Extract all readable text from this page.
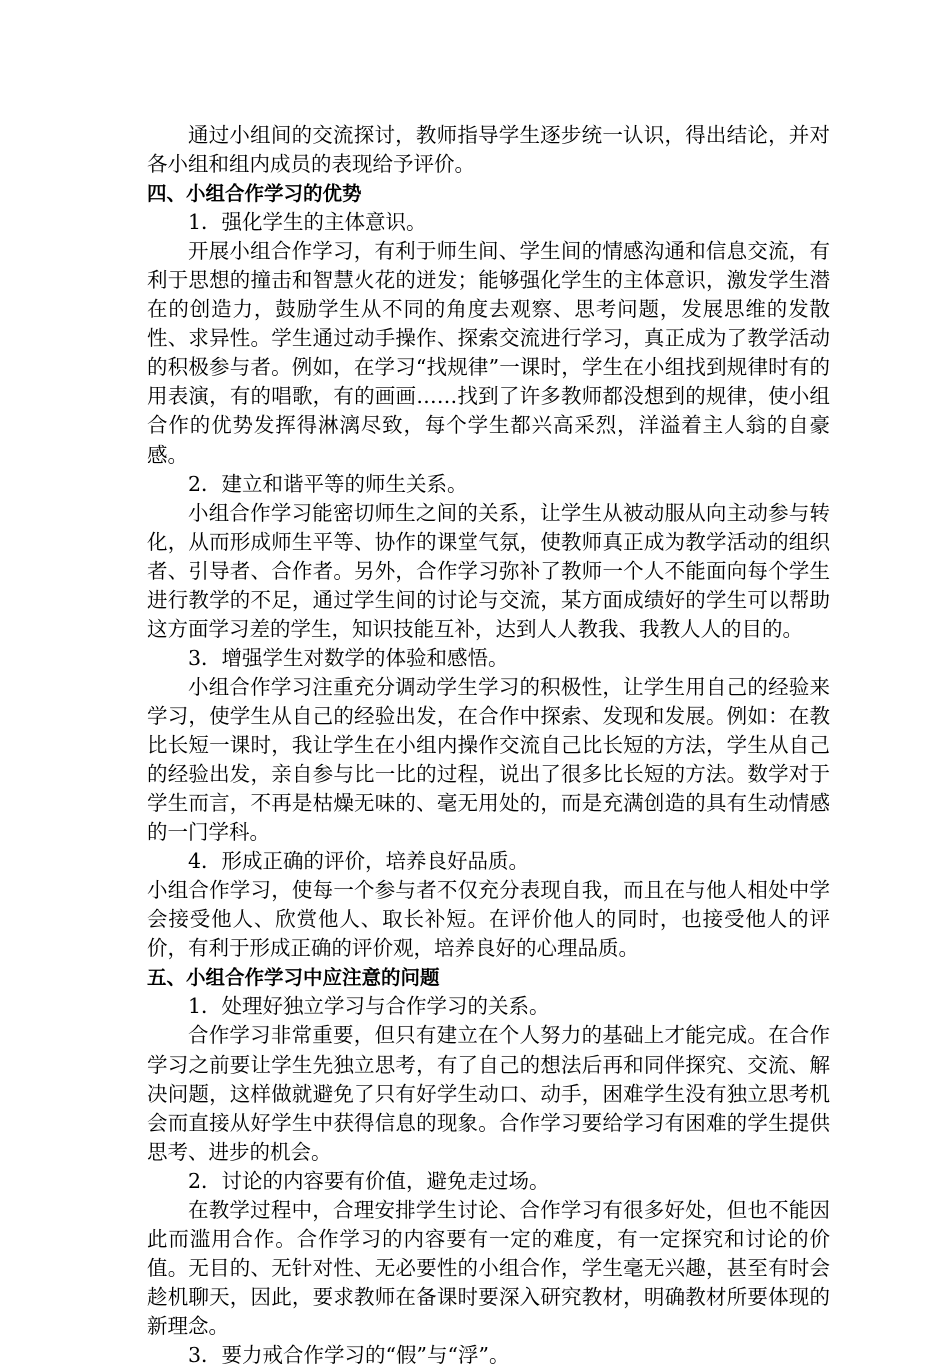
通过小组间的交流探讨，教师指导学生逐步统一认识，得出结论，并对各小组和组内成员的表现给予评价。

四、小组合作学习的优势

1．强化学生的主体意识。

开展小组合作学习，有利于师生间、学生间的情感沟通和信息交流，有利于思想的撞击和智慧火花的迸发；能够强化学生的主体意识，激发学生潜在的创造力，鼓励学生从不同的角度去观察、思考问题，发展思维的发散性、求异性。学生通过动手操作、探索交流进行学习，真正成为了教学活动的积极参与者。例如，在学习“找规律”一课时，学生在小组找到规律时有的用表演，有的唱歌，有的画画……找到了许多教师都没想到的规律，使小组合作的优势发挥得淋漓尽致，每个学生都兴高采烈，洋溢着主人翁的自豪感。

2．建立和谐平等的师生关系。

小组合作学习能密切师生之间的关系，让学生从被动服从向主动参与转化，从而形成师生平等、协作的课堂气氛，使教师真正成为教学活动的组织者、引导者、合作者。另外，合作学习弥补了教师一个人不能面向每个学生进行教学的不足，通过学生间的讨论与交流，某方面成绩好的学生可以帮助这方面学习差的学生，知识技能互补，达到人人教我、我教人人的目的。

3．增强学生对数学的体验和感悟。

小组合作学习注重充分调动学生学习的积极性，让学生用自己的经验来学习，使学生从自己的经验出发，在合作中探索、发现和发展。例如：在教比长短一课时，我让学生在小组内操作交流自己比长短的方法，学生从自己的经验出发，亲自参与比一比的过程，说出了很多比长短的方法。数学对于学生而言，不再是枯燥无味的、毫无用处的，而是充满创造的具有生动情感的一门学科。

4．形成正确的评价，培养良好品质。

小组合作学习，使每一个参与者不仅充分表现自我，而且在与他人相处中学会接受他人、欣赏他人、取长补短。在评价他人的同时，也接受他人的评价，有利于形成正确的评价观，培养良好的心理品质。

五、小组合作学习中应注意的问题

1．处理好独立学习与合作学习的关系。

合作学习非常重要，但只有建立在个人努力的基础上才能完成。在合作学习之前要让学生先独立思考，有了自己的想法后再和同伴探究、交流、解决问题，这样做就避免了只有好学生动口、动手，困难学生没有独立思考机会而直接从好学生中获得信息的现象。合作学习要给学习有困难的学生提供思考、进步的机会。

2．讨论的内容要有价值，避免走过场。

在教学过程中，合理安排学生讨论、合作学习有很多好处，但也不能因此而滥用合作。合作学习的内容要有一定的难度，有一定探究和讨论的价值。无目的、无针对性、无必要性的小组合作，学生毫无兴趣，甚至有时会趁机聊天，因此，要求教师在备课时要深入研究教材，明确教材所要体现的新理念。

3．要力戒合作学习的“假”与“浮”。
